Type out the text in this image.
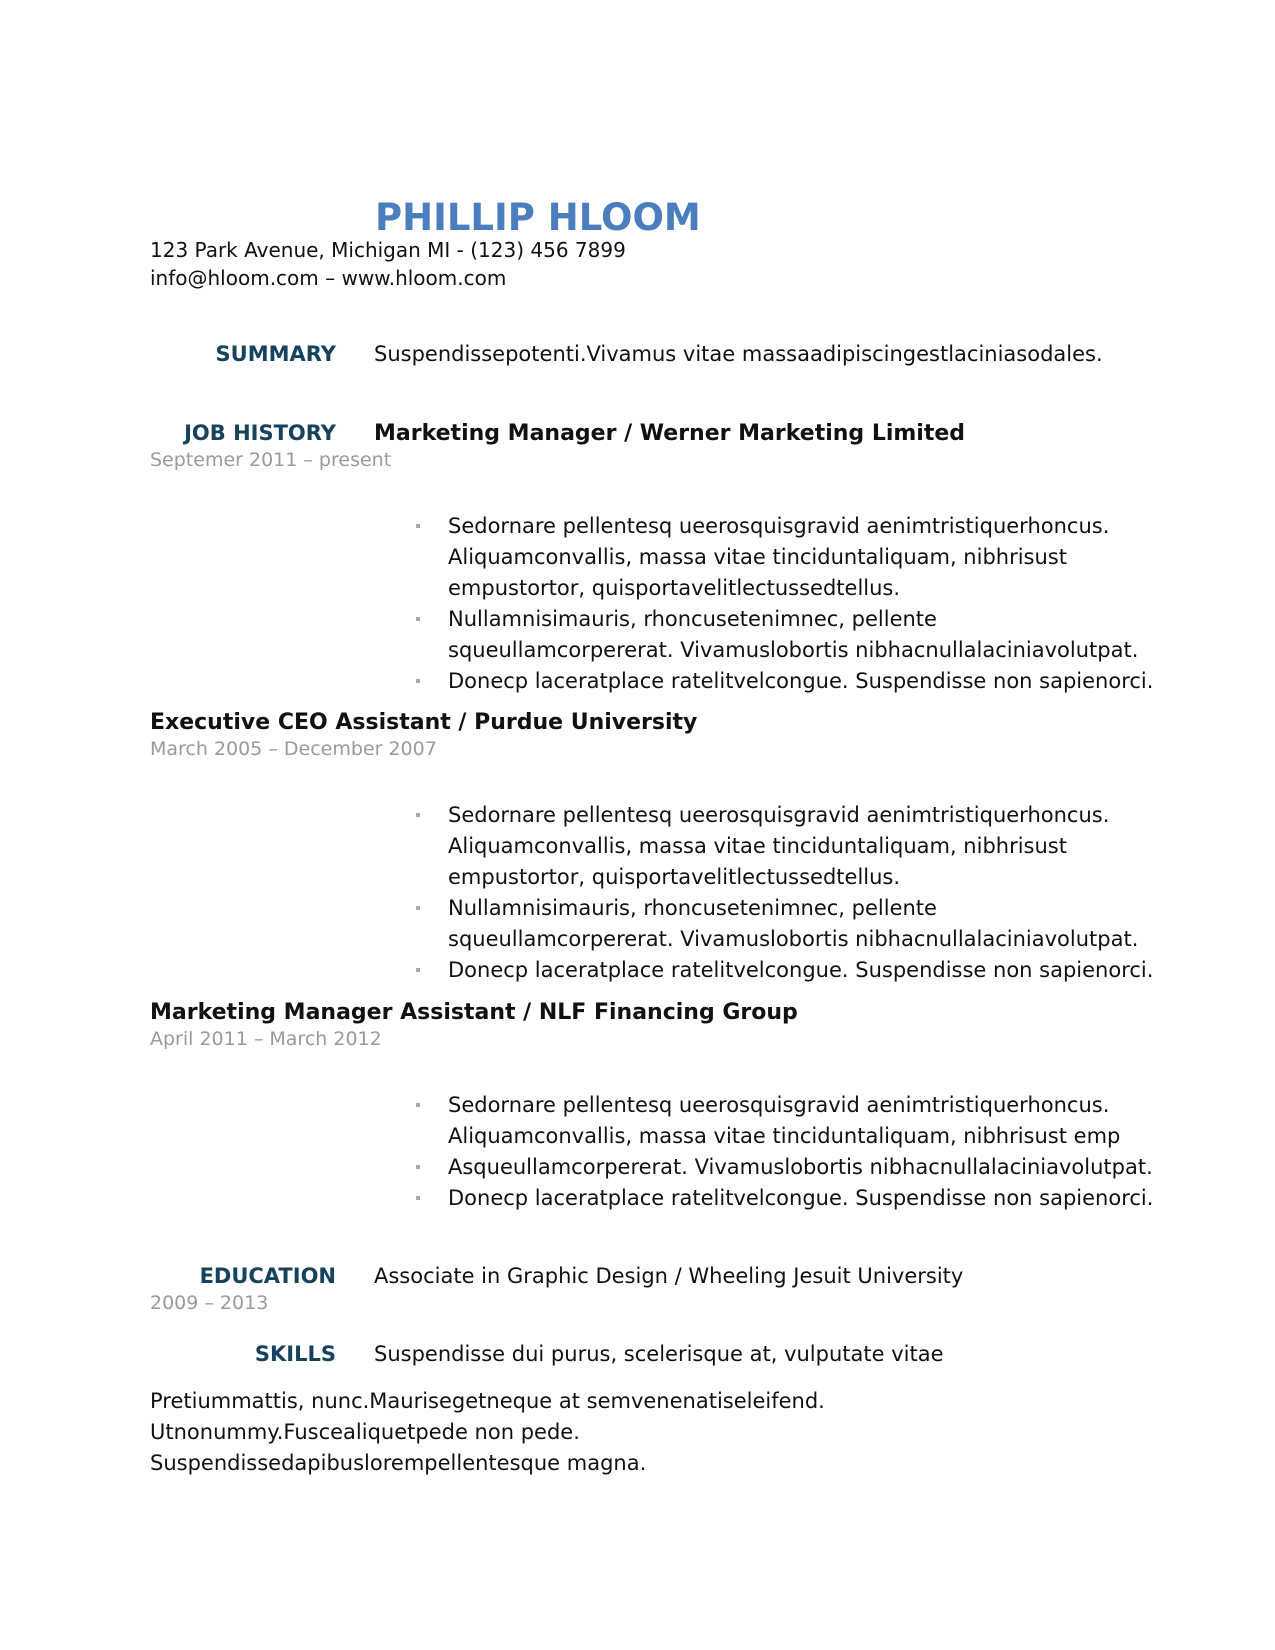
PHILLIP HLOOM
123 Park Avenue, Michigan MI - (123) 456 7899
info@hloom.com – www.hloom.com
SUMMARY Suspendissepotenti.Vivamus vitae massaadipiscingestlaciniasodales.
JOB HISTORY Marketing Manager / Werner Marketing Limited
Septemer 2011 – present
Sedornare pellentesq ueerosquisgravid aenimtristiquerhoncus.
Aliquamconvallis, massa vitae tinciduntaliquam, nibhrisust
empustortor, quisportavelitlectussedtellus.
Nullamnisimauris, rhoncusetenimnec, pellente
squeullamcorpererat. Vivamuslobortis nibhacnullalaciniavolutpat.
Donecp laceratplace ratelitvelcongue. Suspendisse non sapienorci.
Executive CEO Assistant / Purdue University
March 2005 – December 2007
Sedornare pellentesq ueerosquisgravid aenimtristiquerhoncus.
Aliquamconvallis, massa vitae tinciduntaliquam, nibhrisust
empustortor, quisportavelitlectussedtellus.
Nullamnisimauris, rhoncusetenimnec, pellente
squeullamcorpererat. Vivamuslobortis nibhacnullalaciniavolutpat.
Donecp laceratplace ratelitvelcongue. Suspendisse non sapienorci.
Marketing Manager Assistant / NLF Financing Group
April 2011 – March 2012
Sedornare pellentesq ueerosquisgravid aenimtristiquerhoncus.
Aliquamconvallis, massa vitae tinciduntaliquam, nibhrisust emp
Asqueullamcorpererat. Vivamuslobortis nibhacnullalaciniavolutpat.
Donecp laceratplace ratelitvelcongue. Suspendisse non sapienorci.
EDUCATION Associate in Graphic Design / Wheeling Jesuit University
2009 – 2013
SKILLS Suspendisse dui purus, scelerisque at, vulputate vitae
Pretiummattis, nunc.Maurisegetneque at semvenenatiseleifend.
Utnonummy.Fuscealiquetpede non pede.
Suspendissedapibuslorempellentesque magna.
